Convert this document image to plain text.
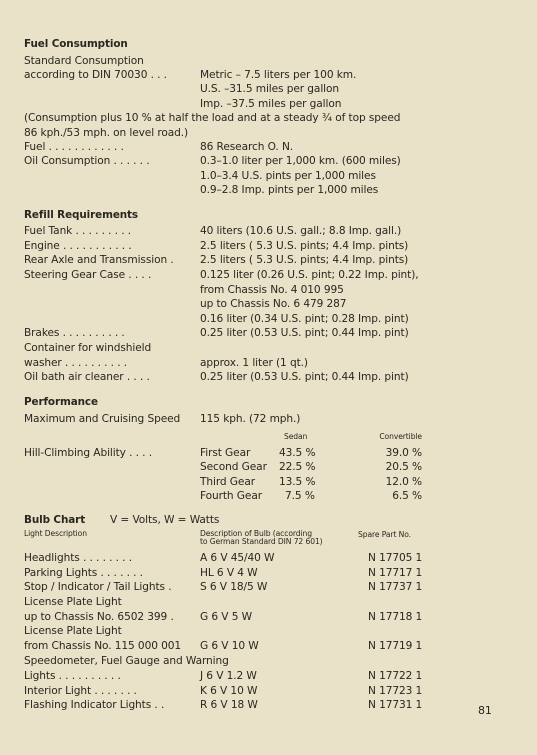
Fuel Consumption
Standard Consumption
according to DIN 70030 . . .	Metric – 7.5 liters per 100 km.
U.S. –31.5 miles per gallon
Imp. –37.5 miles per gallon
(Consumption plus 10 % at half the load and at a steady ¾ of top speed
86 kph./53 mph. on level road.)
Fuel . . . . . . . . . . . .	86 Research O. N.
Oil Consumption . . . . . .	0.3–1.0 liter per 1,000 km. (600 miles)
1.0–3.4 U.S. pints per 1,000 miles
0.9–2.8 Imp. pints per 1,000 miles
Refill Requirements
Fuel Tank . . . . . . . . .	40 liters (10.6 U.S. gall.; 8.8 Imp. gall.)
Engine . . . . . . . . . . .	2.5 liters ( 5.3 U.S. pints; 4.4 Imp. pints)
Rear Axle and Transmission . 2.5 liters ( 5.3 U.S. pints; 4.4 Imp. pints)
Steering Gear Case . . . .	0.125 liter (0.26 U.S. pint; 0.22 Imp. pint),
from Chassis No. 4 010 995
up to Chassis No. 6 479 287
0.16 liter (0.34 U.S. pint; 0.28 Imp. pint)
Brakes . . . . . . . . . .	0.25 liter (0.53 U.S. pint; 0.44 Imp. pint)
Container for windshield
washer . . . . . . . . . .	approx. 1 liter (1 qt.)
Oil bath air cleaner . . . .	0.25 liter (0.53 U.S. pint; 0.44 Imp. pint)
Performance
Maximum and Cruising Speed 115 kph. (72 mph.)
Sedan	Convertible
Hill-Climbing Ability . . . .	First Gear	43.5 %	39.0 %
Second Gear 22.5 %	20.5 %
Third Gear 13.5 %	12.0 %
Fourth Gear 7.5 %	6.5 %
Bulb Chart V = Volts, W = Watts
Light Description	Description of Bulb (according
to German Standard DIN 72 601)
Spare Part No.
Headlights . . . . . . . .	A 6 V 45/40 W	N 17705 1
Parking Lights . . . . . . .	HL 6 V 4 W	N 17717 1
Stop / Indicator / Tail Lights .	S 6 V 18/5 W	N 17737 1
License Plate Light
up to Chassis No. 6502 399 . G 6 V 5 W	N 17718 1
License Plate Light
from Chassis No. 115 000 001 G 6 V 10 W	N 17719 1
Speedometer, Fuel Gauge and Warning
Lights . . . . . . . . . .	J 6 V 1.2 W	N 17722 1
Interior Light . . . . . . .	K 6 V 10 W	N 17723 1
Flashing Indicator Lights . .	R 6 V 18 W	N 17731 1	81
